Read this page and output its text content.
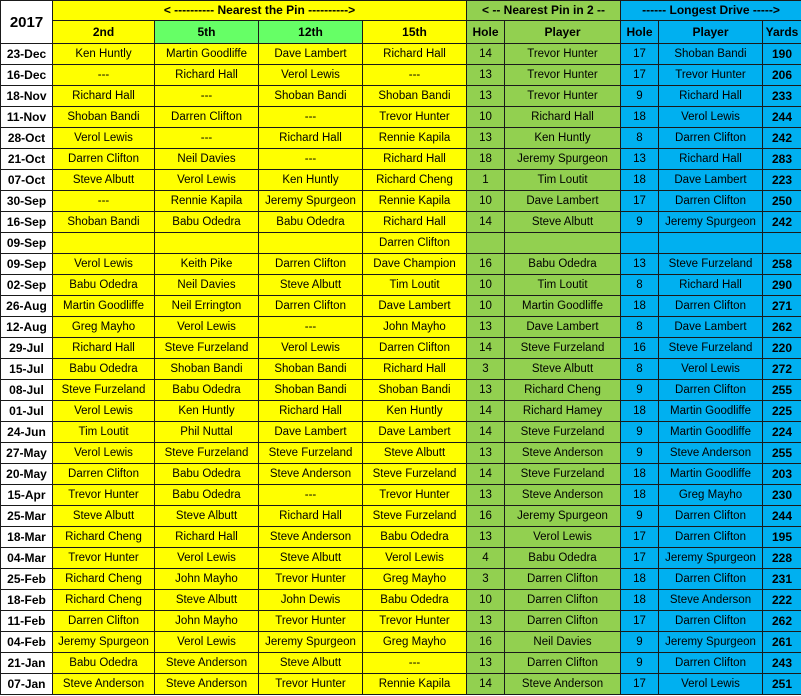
2017	< ---------- Nearest the Pin ---------->				< -- Nearest Pin in 2 --		------ Longest Drive ----->		
	2nd	5th	12th	15th	Hole	Player	Hole	Player	Yards
23-Dec	Ken Huntly	Martin Goodliffe	Dave Lambert	Richard Hall	14	Trevor Hunter	17	Shoban Bandi	190
16-Dec	---	Richard Hall	Verol Lewis	---	13	Trevor Hunter	17	Trevor Hunter	206
18-Nov	Richard Hall	---	Shoban Bandi	Shoban Bandi	13	Trevor Hunter	9	Richard Hall	233
11-Nov	Shoban Bandi	Darren Clifton	---	Trevor Hunter	10	Richard Hall	18	Verol Lewis	244
28-Oct	Verol Lewis	---	Richard Hall	Rennie Kapila	13	Ken Huntly	8	Darren Clifton	242
21-Oct	Darren Clifton	Neil Davies	---	Richard Hall	18	Jeremy Spurgeon	13	Richard Hall	283
07-Oct	Steve Albutt	Verol Lewis	Ken Huntly	Richard Cheng	1	Tim Loutit	18	Dave Lambert	223
30-Sep	---	Rennie Kapila	Jeremy Spurgeon	Rennie Kapila	10	Dave Lambert	17	Darren Clifton	250
16-Sep	Shoban Bandi	Babu Odedra	Babu Odedra	Richard Hall	14	Steve Albutt	9	Jeremy Spurgeon	242
09-Sep				Darren Clifton					
09-Sep	Verol Lewis	Keith Pike	Darren Clifton	Dave Champion	16	Babu Odedra	13	Steve Furzeland	258
02-Sep	Babu Odedra	Neil Davies	Steve Albutt	Tim Loutit	10	Tim Loutit	8	Richard Hall	290
26-Aug	Martin Goodliffe	Neil Errington	Darren Clifton	Dave Lambert	10	Martin Goodliffe	18	Darren Clifton	271
12-Aug	Greg Mayho	Verol Lewis	---	John Mayho	13	Dave Lambert	8	Dave Lambert	262
29-Jul	Richard Hall	Steve Furzeland	Verol Lewis	Darren Clifton	14	Steve Furzeland	16	Steve Furzeland	220
15-Jul	Babu Odedra	Shoban Bandi	Shoban Bandi	Richard Hall	3	Steve Albutt	8	Verol Lewis	272
08-Jul	Steve Furzeland	Babu Odedra	Shoban Bandi	Shoban Bandi	13	Richard Cheng	9	Darren Clifton	255
01-Jul	Verol Lewis	Ken Huntly	Richard Hall	Ken Huntly	14	Richard Hamey	18	Martin Goodliffe	225
24-Jun	Tim Loutit	Phil Nuttal	Dave Lambert	Dave Lambert	14	Steve Furzeland	9	Martin Goodliffe	224
27-May	Verol Lewis	Steve Furzeland	Steve Furzeland	Steve Albutt	13	Steve Anderson	9	Steve Anderson	255
20-May	Darren Clifton	Babu Odedra	Steve Anderson	Steve Furzeland	14	Steve Furzeland	18	Martin Goodliffe	203
15-Apr	Trevor Hunter	Babu Odedra	---	Trevor Hunter	13	Steve Anderson	18	Greg Mayho	230
25-Mar	Steve Albutt	Steve Albutt	Richard Hall	Steve Furzeland	16	Jeremy Spurgeon	9	Darren Clifton	244
18-Mar	Richard Cheng	Richard Hall	Steve Anderson	Babu Odedra	13	Verol Lewis	17	Darren Clifton	195
04-Mar	Trevor Hunter	Verol Lewis	Steve Albutt	Verol Lewis	4	Babu Odedra	17	Jeremy Spurgeon	228
25-Feb	Richard Cheng	John Mayho	Trevor Hunter	Greg Mayho	3	Darren Clifton	18	Darren Clifton	231
18-Feb	Richard Cheng	Steve Albutt	John Dewis	Babu Odedra	10	Darren Clifton	18	Steve Anderson	222
11-Feb	Darren Clifton	John Mayho	Trevor Hunter	Trevor Hunter	13	Darren Clifton	17	Darren Clifton	262
04-Feb	Jeremy Spurgeon	Verol Lewis	Jeremy Spurgeon	Greg Mayho	16	Neil Davies	9	Jeremy Spurgeon	261
21-Jan	Babu Odedra	Steve Anderson	Steve Albutt	---	13	Darren Clifton	9	Darren Clifton	243
07-Jan	Steve Anderson	Steve Anderson	Trevor Hunter	Rennie Kapila	14	Steve Anderson	17	Verol Lewis	251
